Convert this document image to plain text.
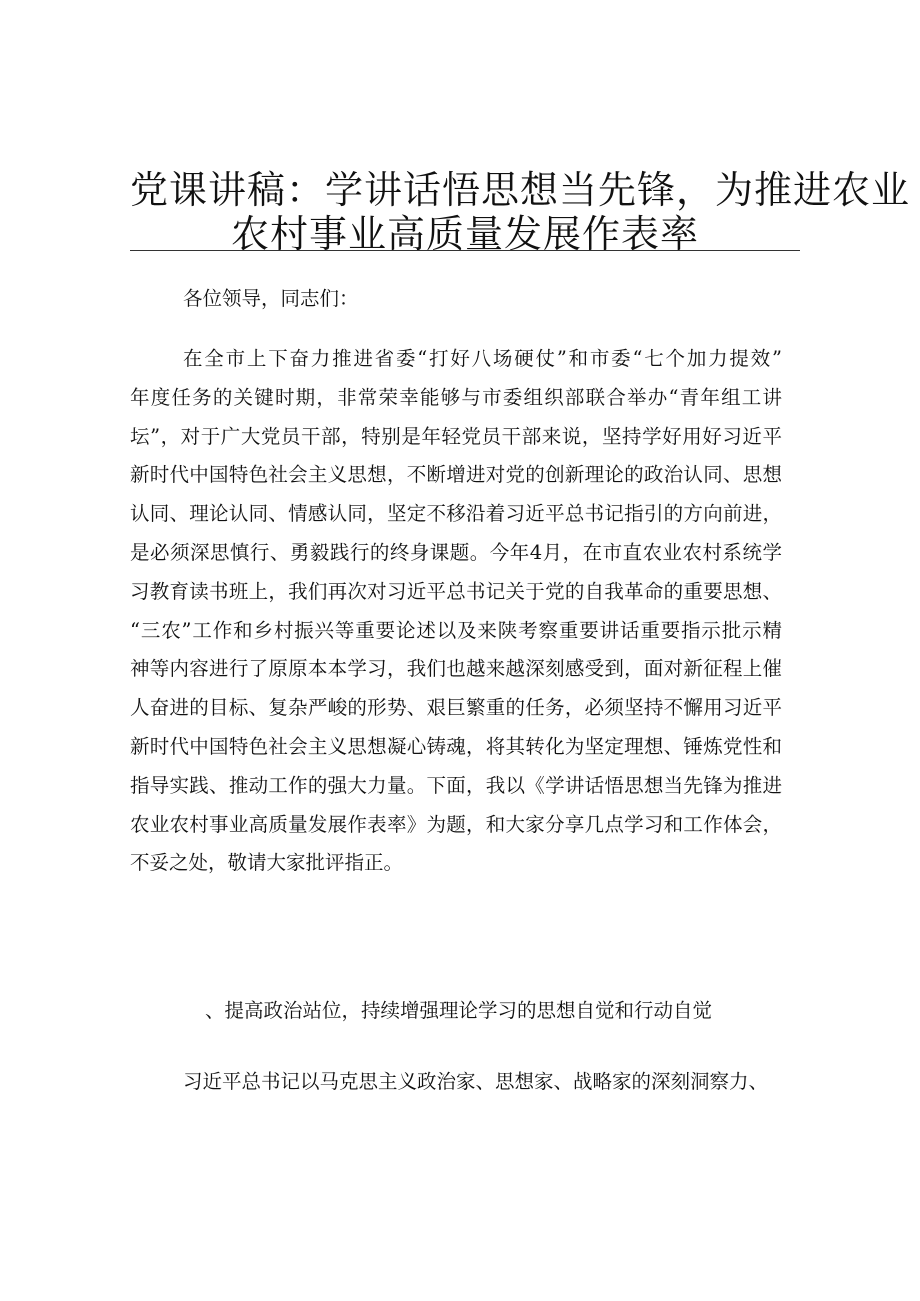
党课讲稿：学讲话悟思想当先锋，为推进农业
农村事业高质量发展作表率

各位领导，同志们：

在全市上下奋力推进省委“打好八场硬仗”和市委“七个加力提效”
年度任务的关键时期，非常荣幸能够与市委组织部联合举办“青年组工讲
坛”，对于广大党员干部，特别是年轻党员干部来说，坚持学好用好习近平
新时代中国特色社会主义思想，不断增进对党的创新理论的政治认同、思想
认同、理论认同、情感认同，坚定不移沿着习近平总书记指引的方向前进，
是必须深思慎行、勇毅践行的终身课题。今年4月，在市直农业农村系统学
习教育读书班上，我们再次对习近平总书记关于党的自我革命的重要思想、
“三农”工作和乡村振兴等重要论述以及来陕考察重要讲话重要指示批示精
神等内容进行了原原本本学习，我们也越来越深刻感受到，面对新征程上催
人奋进的目标、复杂严峻的形势、艰巨繁重的任务，必须坚持不懈用习近平
新时代中国特色社会主义思想凝心铸魂，将其转化为坚定理想、锤炼党性和
指导实践、推动工作的强大力量。下面，我以《学讲话悟思想当先锋为推进
农业农村事业高质量发展作表率》为题，和大家分享几点学习和工作体会，
不妥之处，敬请大家批评指正。
、提高政治站位，持续增强理论学习的思想自觉和行动自觉

习近平总书记以马克思主义政治家、思想家、战略家的深刻洞察力、
